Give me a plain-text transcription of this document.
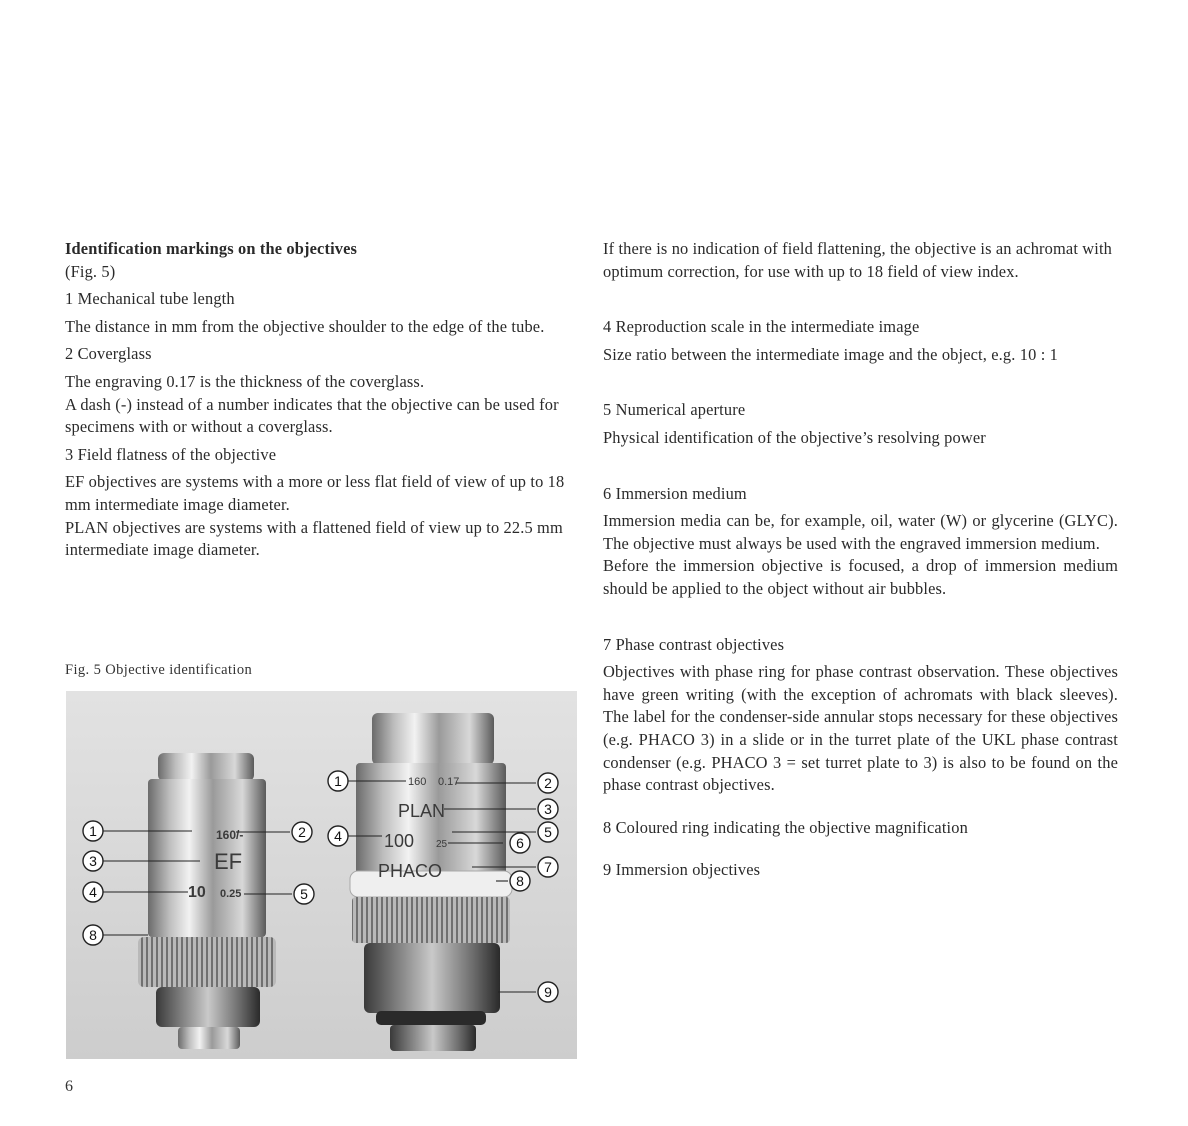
Identification markings on the objectives

(Fig. 5)

1 Mechanical tube length

The distance in mm from the objective shoulder to the edge of the tube.

2 Coverglass

The engraving 0.17 is the thickness of the coverglass.

A dash (-) instead of a number indicates that the objective can be used for specimens with or without a coverglass.

3 Field flatness of the objective

EF objectives are systems with a more or less flat field of view of up to 18 mm intermediate image diameter.

PLAN objectives are systems with a flattened field of view up to 22.5 mm intermediate image diameter.

Fig. 5 Objective identification
160/-
EF
10 0.25
160 0.17
PLAN
100 25
PHACO
1
3
4
8
2
5
1
4
2
3
5
6
7
8
9

If there is no indication of field flattening, the objective is an achromat with optimum correction, for use with up to 18 field of view index.

4 Reproduction scale in the intermediate image

Size ratio between the intermediate image and the object, e.g. 10 : 1

5 Numerical aperture

Physical identification of the objective’s resolving power

6 Immersion medium

Immersion media can be, for example, oil, water (W) or glycerine (GLYC). The objective must always be used with the engraved immersion medium.

Before the immersion objective is focused, a drop of immersion medium should be applied to the object without air bubbles.

7 Phase contrast objectives

Objectives with phase ring for phase contrast observation. These objectives have green writing (with the exception of achromats with black sleeves). The label for the condenser-side annular stops necessary for these objectives (e.g. PHACO 3) in a slide or in the turret plate of the UKL phase contrast condenser (e.g. PHACO 3 = set turret plate to 3) is also to be found on the phase contrast objectives.

8 Coloured ring indicating the objective magnification

9 Immersion objectives

6
